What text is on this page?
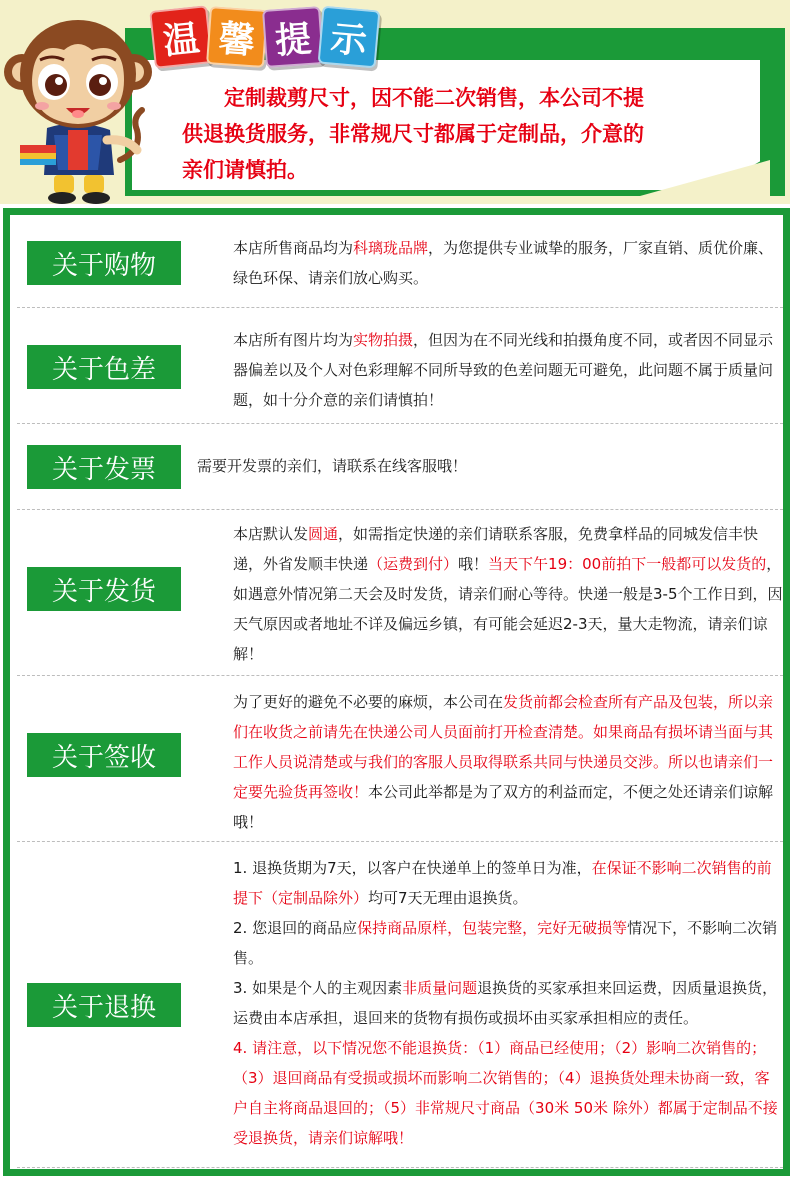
温 馨 提 示
定制裁剪尺寸，因不能二次销售，本公司不提
供退换货服务，非常规尺寸都属于定制品，介意的
亲们请慎拍。
关于购物

本店所售商品均为科璃珑品牌，为您提供专业诚挚的服务，厂家直销、质优价廉、绿色环保、请亲们放心购买。

关于色差

本店所有图片均为实物拍摄，但因为在不同光线和拍摄角度不同，或者因不同显示器偏差以及个人对色彩理解不同所导致的色差问题无可避免，此问题不属于质量问题，如十分介意的亲们请慎拍！

关于发票	需要开发票的亲们，请联系在线客服哦！

关于发货

本店默认发圆通，如需指定快递的亲们请联系客服，免费拿样品的同城发信丰快递，外省发顺丰快递（运费到付）哦！当天下午19：00前拍下一般都可以发货的，如遇意外情况第二天会及时发货，请亲们耐心等待。快递一般是3-5个工作日到，因天气原因或者地址不详及偏远乡镇，有可能会延迟2-3天，量大走物流，请亲们谅解！

关于签收

为了更好的避免不必要的麻烦，本公司在发货前都会检查所有产品及包装，所以亲们在收货之前请先在快递公司人员面前打开检查清楚。如果商品有损坏请当面与其工作人员说清楚或与我们的客服人员取得联系共同与快递员交涉。所以也请亲们一定要先验货再签收！本公司此举都是为了双方的利益而定，不便之处还请亲们谅解哦！

关于退换

1. 退换货期为7天，以客户在快递单上的签单日为准，在保证不影响二次销售的前提下（定制品除外）均可7天无理由退换货。

2. 您退回的商品应保持商品原样，包装完整，完好无破损等情况下，不影响二次销售。

3. 如果是个人的主观因素非质量问题退换货的买家承担来回运费，因质量退换货，运费由本店承担，退回来的货物有损伤或损坏由买家承担相应的责任。

4. 请注意，以下情况您不能退换货：（1）商品已经使用；（2）影响二次销售的；（3）退回商品有受损或损坏而影响二次销售的；（4）退换货处理未协商一致，客户自主将商品退回的；（5）非常规尺寸商品（30米 50米 除外）都属于定制品不接受退换货，请亲们谅解哦！
